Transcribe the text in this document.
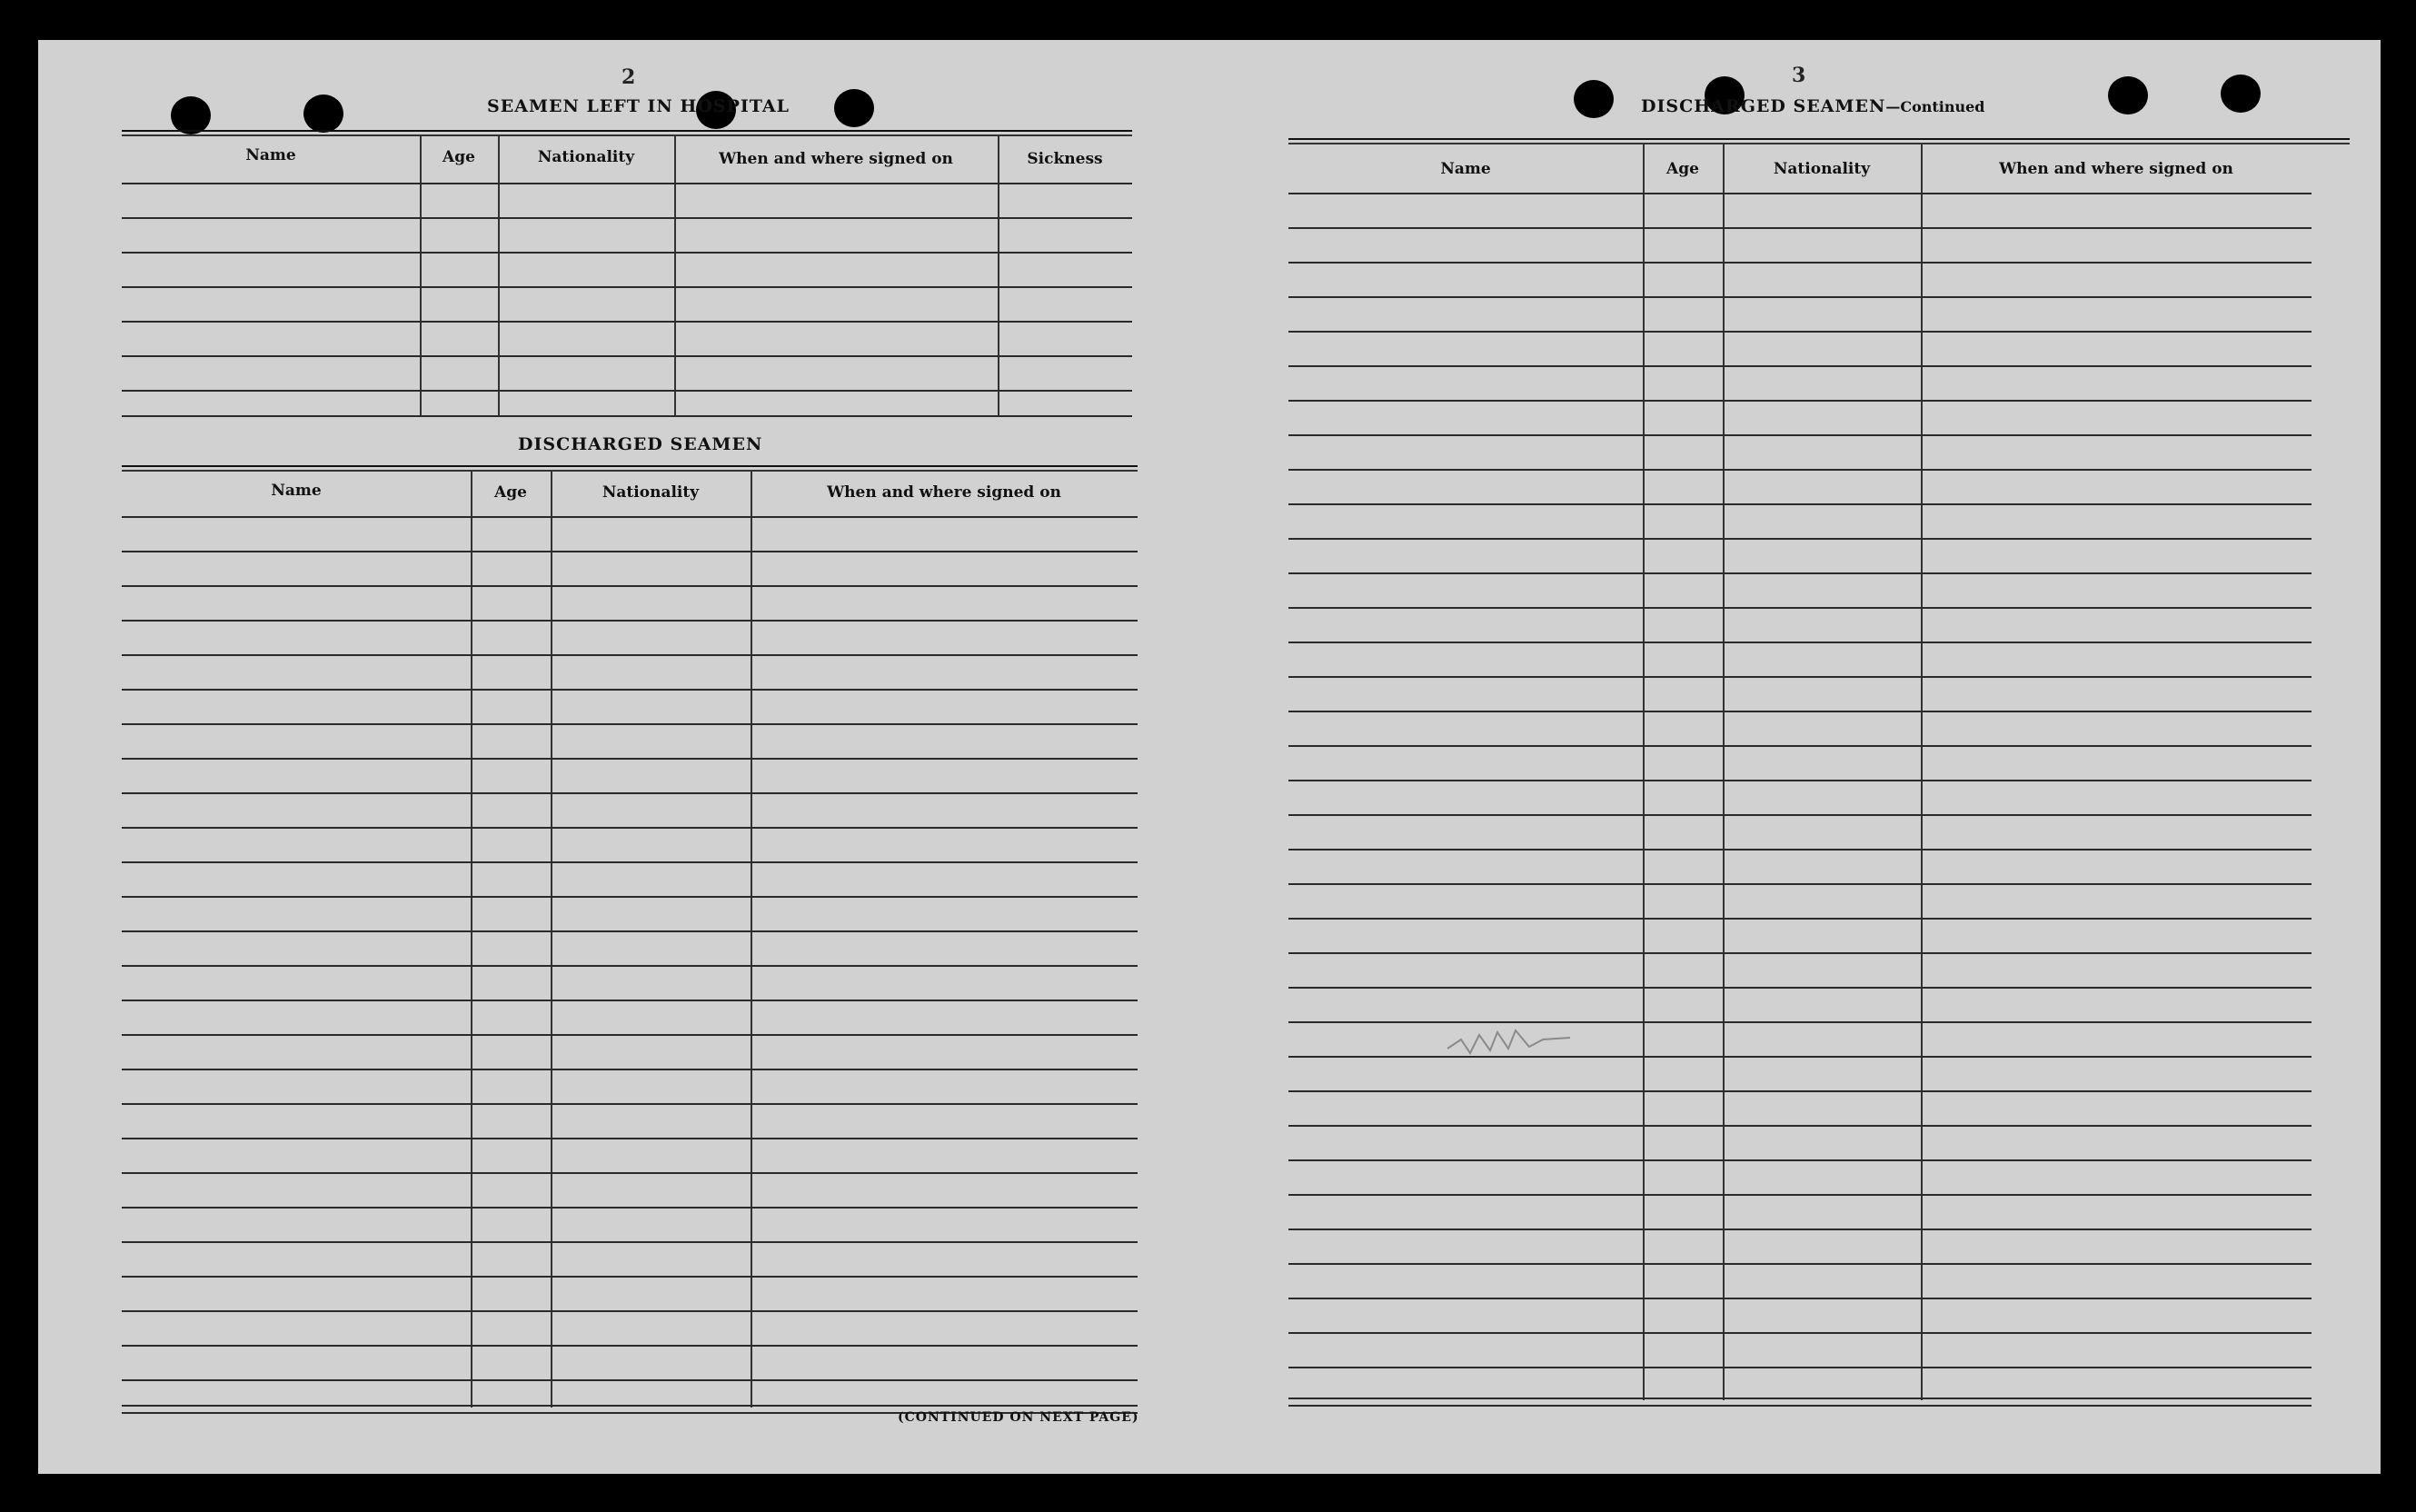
2
SEAMEN LEFT IN HOSPITAL
Name	Age	Nationality	When and where signed on	Sickness
DISCHARGED SEAMEN
Name	Age	Nationality	When and where signed on
(CONTINUED ON NEXT PAGE)
3
DISCHARGED SEAMEN—Continued
Name	Age	Nationality	When and where signed on
